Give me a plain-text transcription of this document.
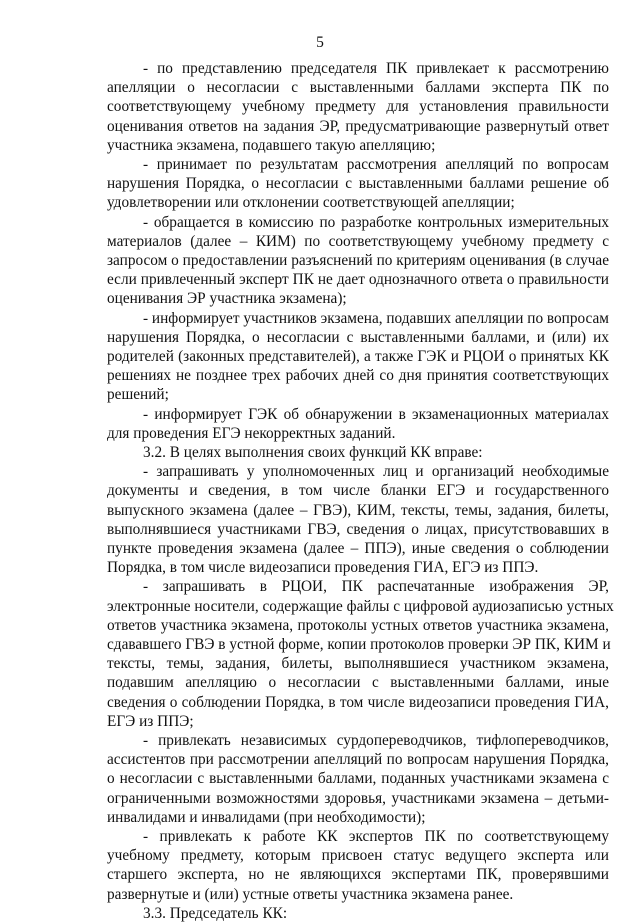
5
- по представлению председателя ПК привлекает к рассмотрению
апелляции о несогласии с выставленными баллами эксперта ПК по
соответствующему учебному предмету для установления правильности
оценивания ответов на задания ЭР, предусматривающие развернутый ответ
участника экзамена, подавшего такую апелляцию;
- принимает по результатам рассмотрения апелляций по вопросам
нарушения Порядка, о несогласии с выставленными баллами решение об
удовлетворении или отклонении соответствующей апелляции;
- обращается в комиссию по разработке контрольных измерительных
материалов (далее – КИМ) по соответствующему учебному предмету с
запросом о предоставлении разъяснений по критериям оценивания (в случае
если привлеченный эксперт ПК не дает однозначного ответа о правильности
оценивания ЭР участника экзамена);
- информирует участников экзамена, подавших апелляции по вопросам
нарушения Порядка, о несогласии с выставленными баллами, и (или) их
родителей (законных представителей), а также ГЭК и РЦОИ о принятых КК
решениях не позднее трех рабочих дней со дня принятия соответствующих
решений;
- информирует ГЭК об обнаружении в экзаменационных материалах
для проведения ЕГЭ некорректных заданий.
3.2. В целях выполнения своих функций КК вправе:
- запрашивать у уполномоченных лиц и организаций необходимые
документы и сведения, в том числе бланки ЕГЭ и государственного
выпускного экзамена (далее – ГВЭ), КИМ, тексты, темы, задания, билеты,
выполнявшиеся участниками ГВЭ, сведения о лицах, присутствовавших в
пункте проведения экзамена (далее – ППЭ), иные сведения о соблюдении
Порядка, в том числе видеозаписи проведения ГИА, ЕГЭ из ППЭ.
- запрашивать в РЦОИ, ПК распечатанные изображения ЭР,
электронные носители, содержащие файлы с цифровой аудиозаписью устных
ответов участника экзамена, протоколы устных ответов участника экзамена,
сдававшего ГВЭ в устной форме, копии протоколов проверки ЭР ПК, КИМ и
тексты, темы, задания, билеты, выполнявшиеся участником экзамена,
подавшим апелляцию о несогласии с выставленными баллами, иные
сведения о соблюдении Порядка, в том числе видеозаписи проведения ГИА,
ЕГЭ из ППЭ;
- привлекать независимых сурдопереводчиков, тифлопереводчиков,
ассистентов при рассмотрении апелляций по вопросам нарушения Порядка,
о несогласии с выставленными баллами, поданных участниками экзамена с
ограниченными возможностями здоровья, участниками экзамена – детьми-
инвалидами и инвалидами (при необходимости);
- привлекать к работе КК экспертов ПК по соответствующему
учебному предмету, которым присвоен статус ведущего эксперта или
старшего эксперта, но не являющихся экспертами ПК, проверявшими
развернутые и (или) устные ответы участника экзамена ранее.
3.3. Председатель КК:
